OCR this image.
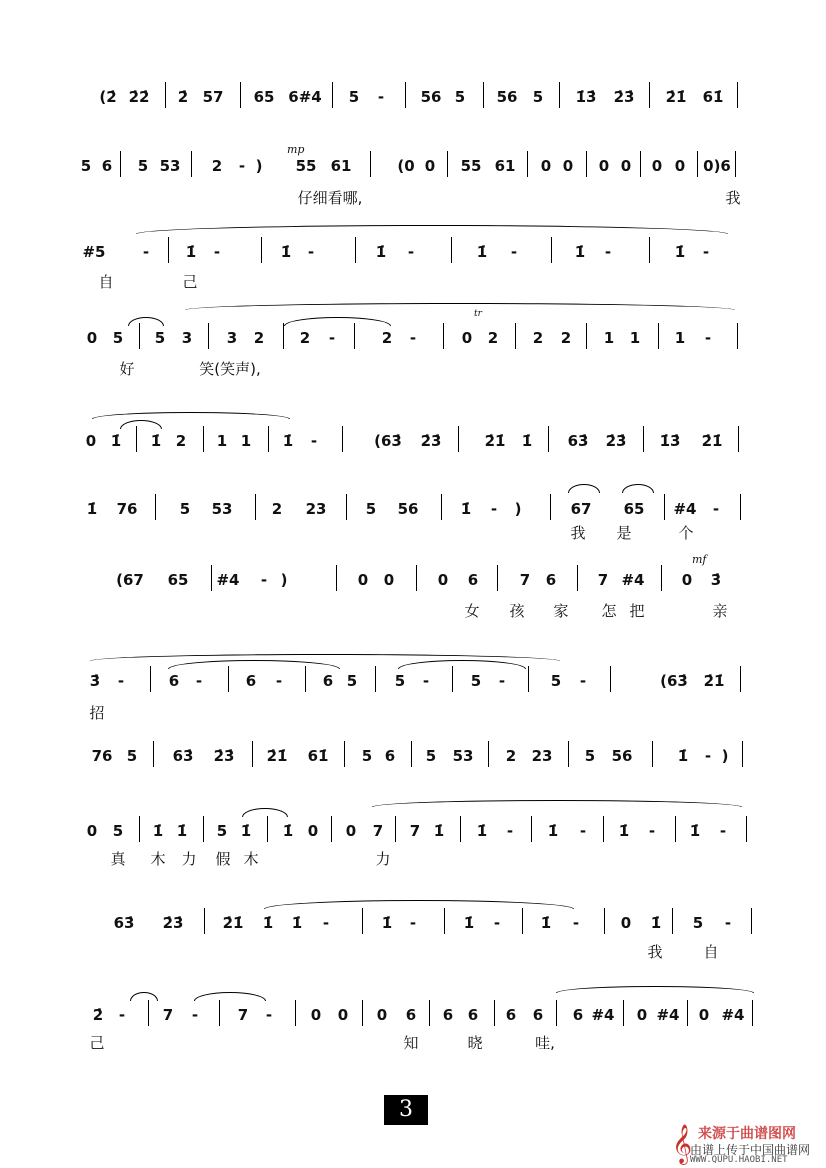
(2̇ 2̇2̇ 2̇ 57 65 6#4 5 - 56 5 56 5 1̇3̇ 2̇3̇ 2̇1̇ 61̇
mp
5 6 5 53 2 - ) 55 61	(0 0 55 61 0 0 0 0 0 0 0)6
仔细看哪,	我
#5 - 1̇ -	1̇ -	1̇ -	1̇ -	1̇ -	1̇ -
自	己
tr
0 5 5 3 3 2 2 -	2 -	0 2 2 2 1 1 1 -
好	笑(笑声),
0 1̇ 1̇ 2 1 1 1̇ -	(63̇ 2̇3̇	2̇1̇ 1̇ 63̇ 2̇3̇ 1̇3̇ 2̇1̇
1̇ 76	5 53	2 23	5 56	1̇ - )	67 65 #4 -
我 是	个
mf
(67 65 #4 - )	0 0	0 6	7 6	7 #4 0 3̇
女 孩 家 怎 把	亲
3̇ -	6 -	6 -	6 5	5 -	5 -	5 -	(63̇ 2̇1̇
招
76 5 63̇ 2̇3̇ 2̇1̇ 61̇ 5 6 5 53 2 23 5 56	1̇ - )
0 5 1̇ 1̇ 5 1̇ 1̇ 0 0 7 7 1̇ 1̇ - 1̇ - 1̇ - 1̇ -
真 木 力 假 木	力
63̇ 2̇3̇	2̇1̇ 1̇ 1̇ -	1̇ -	1̇ -	1̇ -	0 1̇ 5 -
我	自
2̇ -	7 -	7 -	0 0 0 6 6 6 6 6 6 #4 0 #4 0 #4
己	知	晓	哇,
3
𝄞 来源于曲谱图网
由谱上传于中国曲谱网
WWW.QUPU.HAOBI.NET
